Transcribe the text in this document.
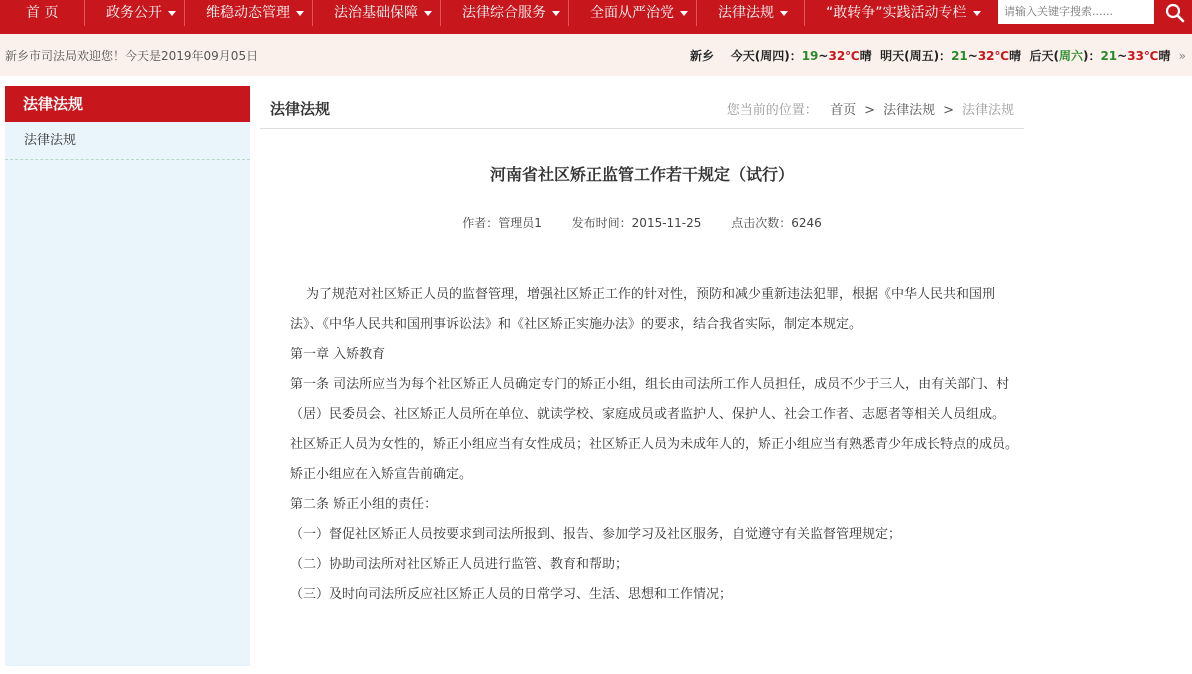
首 页	政务公开	维稳动态管理	法治基础保障	法律综合服务	全面从严治党	法律法规	“敢转争”实践活动专栏
请输入关键字搜索......
新乡市司法局欢迎您！今天是2019年09月05日	新乡 今天(周四)：19~32℃晴 明天(周五)：21~32℃晴 后天(周六)：21~33℃晴 »
法律法规
法律法规
法律法规	您当前的位置： 首页 > 法律法规 > 法律法规
河南省社区矫正监管工作若干规定（试行）
作者：管理员1 发布时间：2015-11-25 点击次数：6246

为了规范对社区矫正人员的监督管理，增强社区矫正工作的针对性，预防和减少重新违法犯罪，根据《中华人民共和国刑法》、《中华人民共和国刑事诉讼法》和《社区矫正实施办法》的要求，结合我省实际，制定本规定。

第一章 入矫教育

第一条 司法所应当为每个社区矫正人员确定专门的矫正小组，组长由司法所工作人员担任，成员不少于三人，由有关部门、村（居）民委员会、社区矫正人员所在单位、就读学校、家庭成员或者监护人、保护人、社会工作者、志愿者等相关人员组成。

社区矫正人员为女性的，矫正小组应当有女性成员；社区矫正人员为未成年人的，矫正小组应当有熟悉青少年成长特点的成员。

矫正小组应在入矫宣告前确定。

第二条 矫正小组的责任：

（一）督促社区矫正人员按要求到司法所报到、报告、参加学习及社区服务，自觉遵守有关监督管理规定；

（二）协助司法所对社区矫正人员进行监管、教育和帮助；

（三）及时向司法所反应社区矫正人员的日常学习、生活、思想和工作情况；
